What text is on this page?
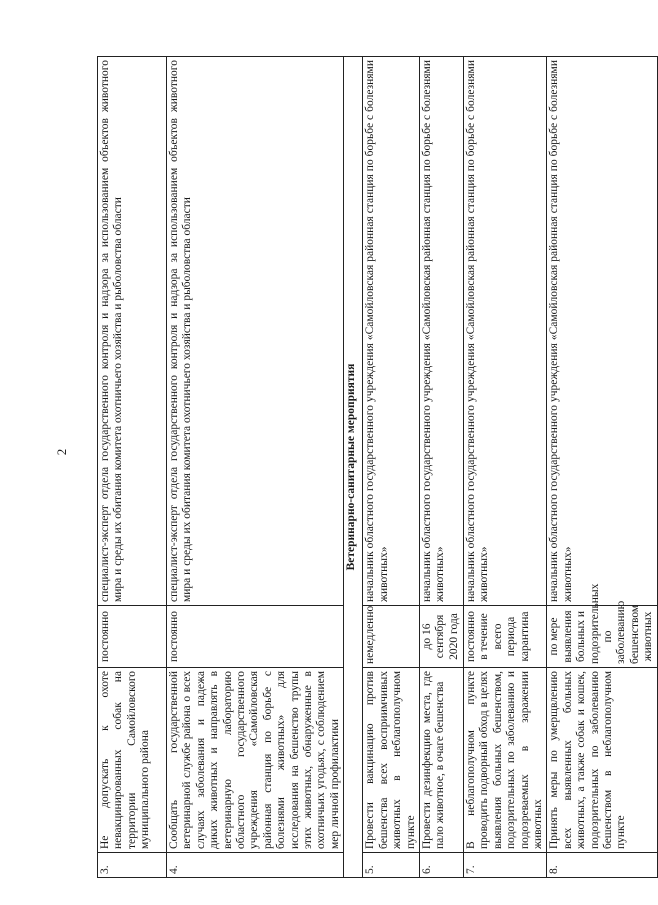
2
3.	Не допускать к охоте невакцинированных собак на территории Самойловского муниципального района	постоянно	специалист-эксперт отдела государственного контроля и надзора за использованием объектов животного мира и среды их обитания комитета охотничьего хозяйства и рыболовства области
4.	Сообщать государственной ветеринарной службе района о всех случаях заболевания и падежа диких животных и направлять в ветеринарную лабораторию областного государственного учреждения «Самойловская районная станция по борьбе с болезнями животных» для исследования на бешенство трупы этих животных, обнаруженные в охотничьих угодьях, с соблюдением мер личной профилактики	постоянно	специалист-эксперт отдела государственного контроля и надзора за использованием объектов животного мира и среды их обитания комитета охотничьего хозяйства и рыболовства области
Ветеринарно-санитарные мероприятия			
5.	Провести вакцинацию против бешенства всех восприимчивых животных в неблагополучном пункте	немедленно	начальник областного государственного учреждения «Самойловская районная станция по борьбе с болезнями животных»
6.	Провести дезинфекцию места, где пало животное, в очаге бешенства	до 16 сентября 2020 года	начальник областного государственного учреждения «Самойловская районная станция по борьбе с болезнями животных»
7.	В неблагополучном пункте проводить подворный обход в целях выявления больных бешенством, подозрительных по заболеванию и подозреваемых в заражении животных	постоянно в течение всего периода карантина	начальник областного государственного учреждения «Самойловская районная станция по борьбе с болезнями животных»
8.	Принять меры по умерщвлению всех выявленных больных животных, а также собак и кошек, подозрительных по заболеванию бешенством в неблагополучном пункте	по мере выявления больных и подозрительных по заболеванию бешенством животных	начальник областного государственного учреждения «Самойловская районная станция по борьбе с болезнями животных»
